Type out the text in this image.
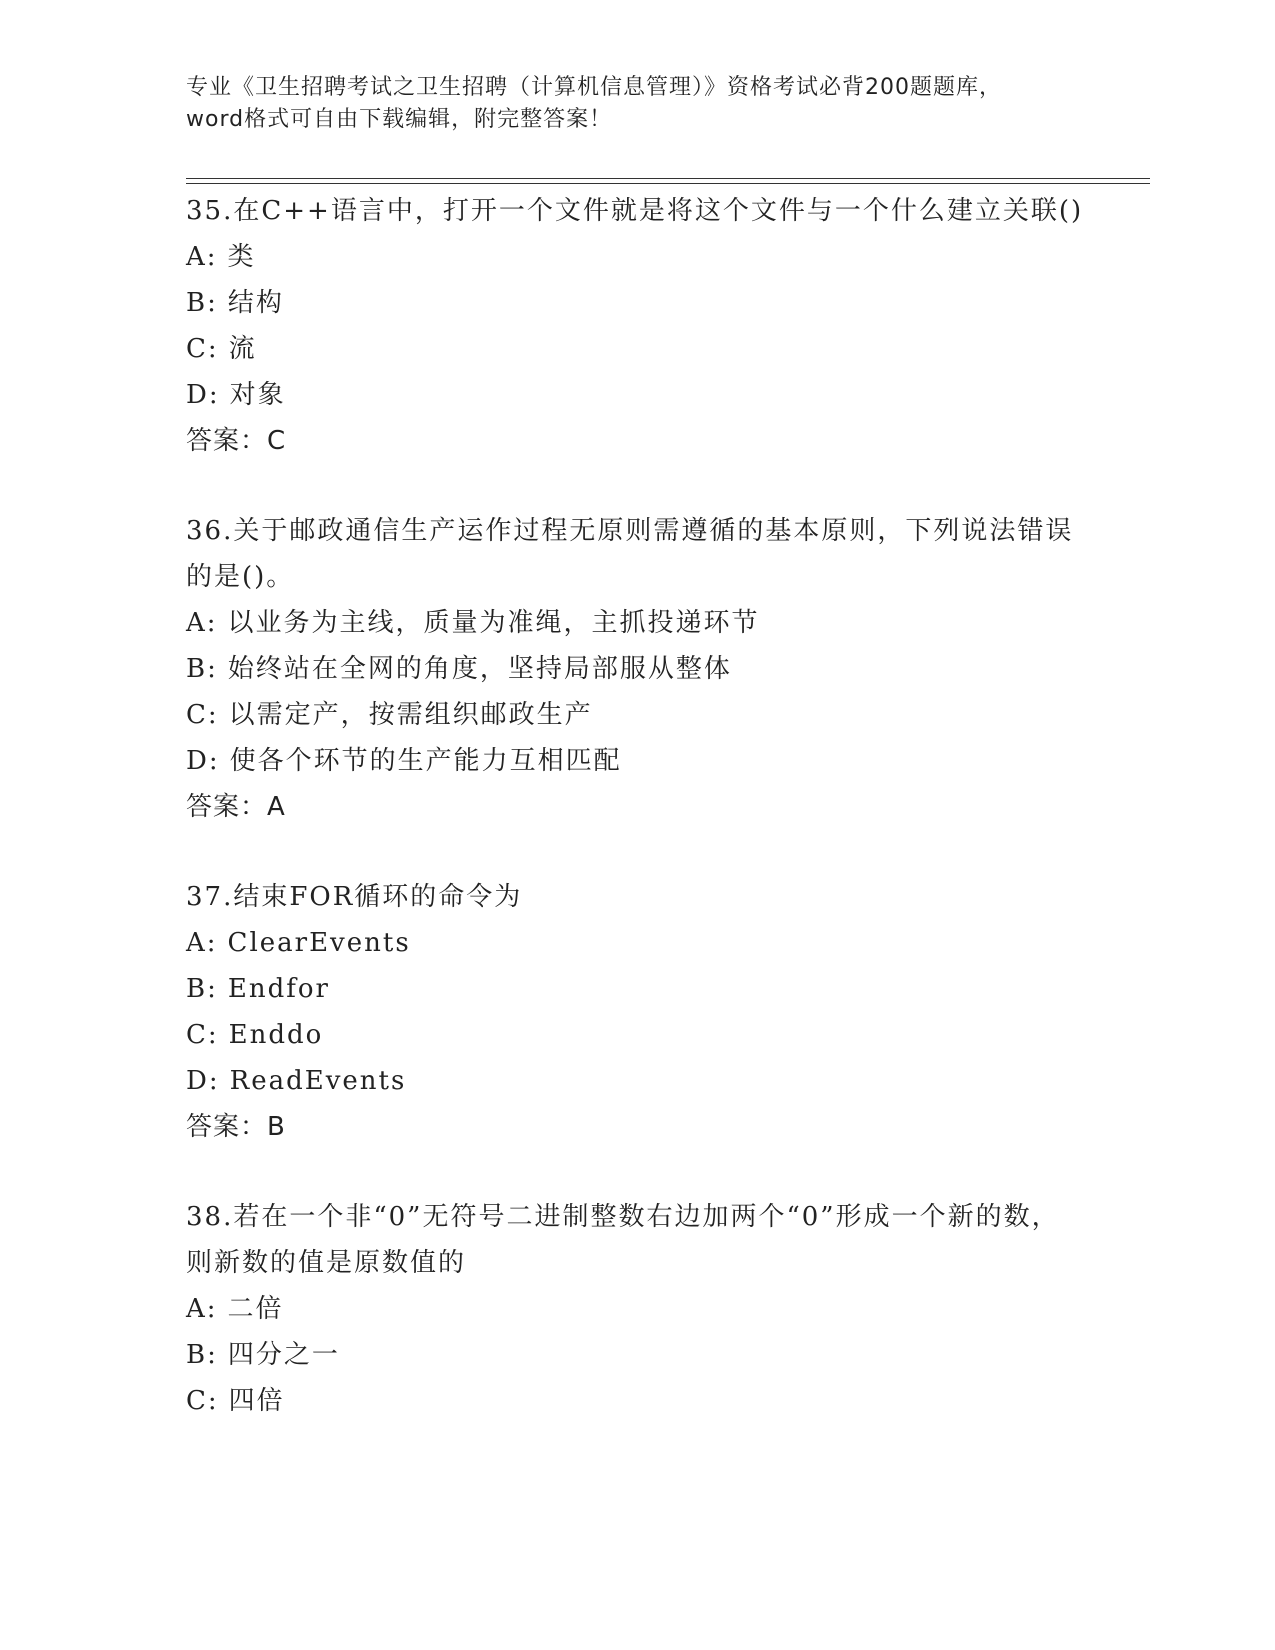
专业《卫生招聘考试之卫生招聘（计算机信息管理）》资格考试必背200题题库，
word格式可自由下载编辑，附完整答案！

35.在C++语言中，打开一个文件就是将这个文件与一个什么建立关联()

A: 类

B: 结构

C: 流

D: 对象

答案：C

36.关于邮政通信生产运作过程无原则需遵循的基本原则，下列说法错误的是()。

A: 以业务为主线，质量为准绳，主抓投递环节

B: 始终站在全网的角度，坚持局部服从整体

C: 以需定产，按需组织邮政生产

D: 使各个环节的生产能力互相匹配

答案：A

37.结束FOR循环的命令为

A: ClearEvents

B: Endfor

C: Enddo

D: ReadEvents

答案：B

38.若在一个非“0”无符号二进制整数右边加两个“0”形成一个新的数，则新数的值是原数值的

A: 二倍

B: 四分之一

C: 四倍
